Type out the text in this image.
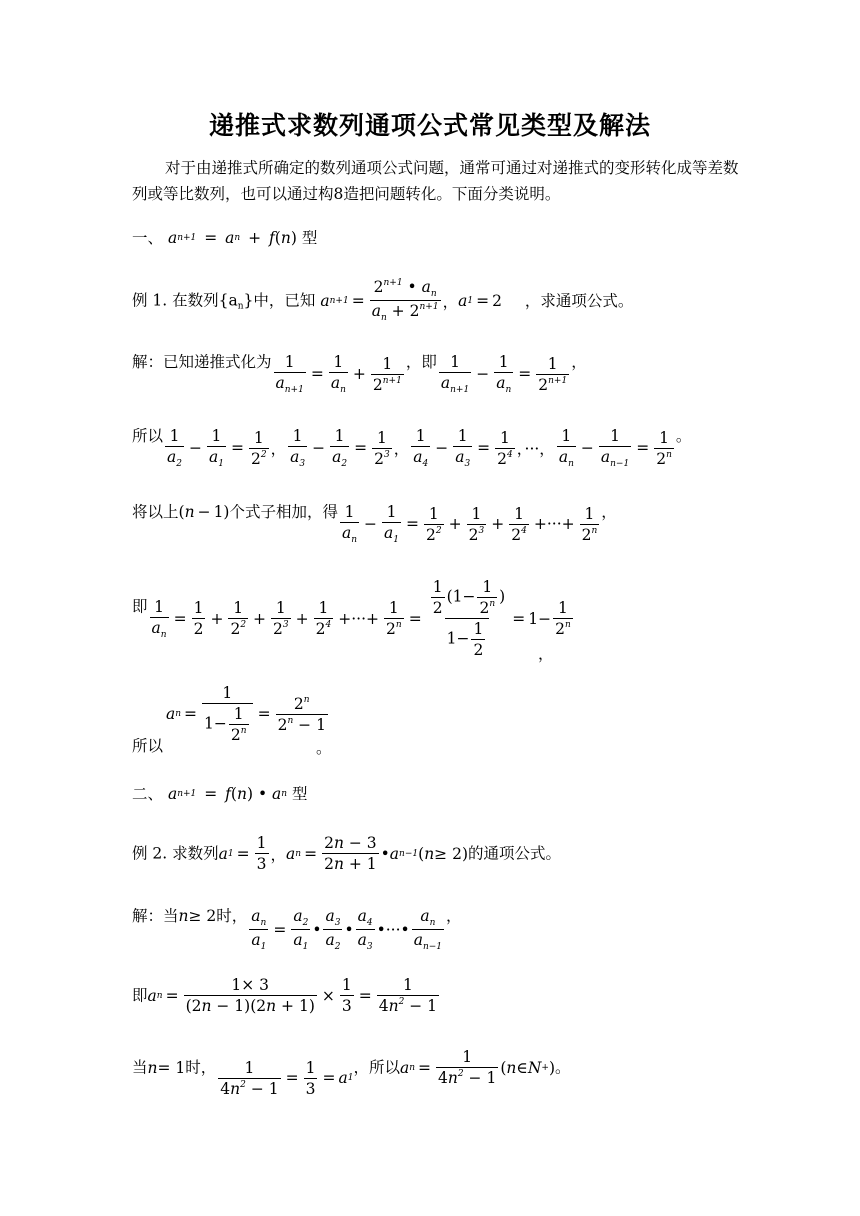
递推式求数列通项公式常见类型及解法
对于由递推式所确定的数列通项公式问题，通常可通过对递推式的变形转化成等差数列或等比数列，也可以通过构8造把问题转化。下面分类说明。
一、 a n+1
= a n
+ f ( n ) 型
例 1. 在数列{an}中，已知 a $n+1 = \frac{2^{n+1} • a_n}{a_n + 2^{n+1}}$ ， a 1 = 2 ，求通项公式。
解：已知递推式化为 $\frac{1}{a_{n+1}} = \frac{1}{a_n} + \frac{1}{2^{n+1}}$ ，即 $\frac{1}{a_{n+1}} - \frac{1}{a_n} = \frac{1}{2^{n+1}}$ ，
所以 $\frac{1}{a_2} - \frac{1}{a_1} = \frac{1}{2^2}$ ， $\frac{1}{a_3} - \frac{1}{a_2} = \frac{1}{2^3}$ ， $\frac{1}{a_4} - \frac{1}{a_3} = \frac{1}{2^4}$ ，···， $\frac{1}{a_n} - \frac{1}{a_{n-1}} = \frac{1}{2^n}$ 。
将以上 ( n − 1) 个式子相加，得 $\frac{1}{a_n} - \frac{1}{a_1} = \frac{1}{2^2} + \frac{1}{2^3} + \frac{1}{2^4}$ +···+ $\frac{1}{2^n}$ ，
即 $\frac{1}{a_n} = \frac{1}{2} + \frac{1}{2^2} + \frac{1}{2^3} + \frac{1}{2^4}$ +···+ $\frac{1}{2^n} = \frac{\frac{1}{2} (1- \frac{1}{2^n} )}{1- \frac{1}{2}} = 1- \frac{1}{2^n}$
，
所以
a $n = \frac{1}{1- \frac{1}{2^n}} = \frac{2^n}{2^n - 1}$
。
二、 a n+1
= f ( n )
• a n 型
例 2. 求数列a $1 = \frac{1}{3}$ ， a $n = \frac{2n - 3}{2n + 1}$ • a n−1 ( n ≥ 2) 的通项公式。
解：当n ≥ 2 时， $\frac{a_n}{a_1} = \frac{a_2}{a_1}$ • $\frac{a_3}{a_2}$ • $\frac{a_4}{a_3}$ •···• $\frac{a_n}{a_{n-1}}$ ，
即a $n = \frac{1\times 3}{(2n - 1)(2n + 1)} \times \frac{1}{3} = \frac{1}{4n^2 - 1}$
当n = 1 时， $\frac{1}{4n^2 - 1} = \frac{1}{3} = a$ 1
，所以a $n = \frac{1}{4n^2 - 1}$ ( n ∈ N + ) 。
